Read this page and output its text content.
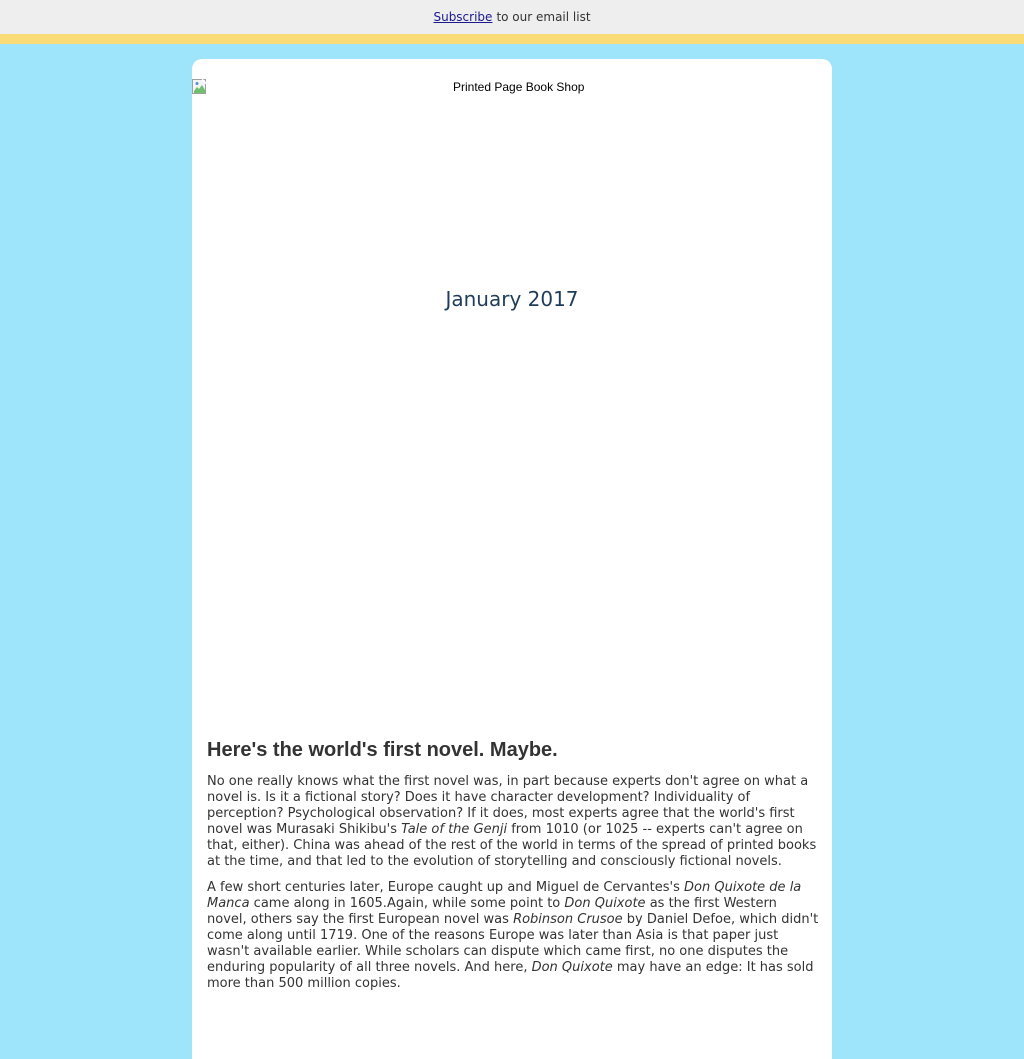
Subscribe to our email list
Printed Page Book Shop
January 2017
Here's the world's first novel. Maybe.

No one really knows what the first novel was, in part because experts don't agree on what a novel is. Is it a fictional story? Does it have character development? Individuality of perception? Psychological observation? If it does, most experts agree that the world's first novel was Murasaki Shikibu's Tale of the Genji from 1010 (or 1025 -- experts can't agree on that, either). China was ahead of the rest of the world in terms of the spread of printed books at the time, and that led to the evolution of storytelling and consciously fictional novels.

A few short centuries later, Europe caught up and Miguel de Cervantes's Don Quixote de la Manca came along in 1605.Again, while some point to Don Quixote as the first Western novel, others say the first European novel was Robinson Crusoe by Daniel Defoe, which didn't come along until 1719. One of the reasons Europe was later than Asia is that paper just wasn't available earlier. While scholars can dispute which came first, no one disputes the enduring popularity of all three novels. And here, Don Quixote may have an edge: It has sold more than 500 million copies.
